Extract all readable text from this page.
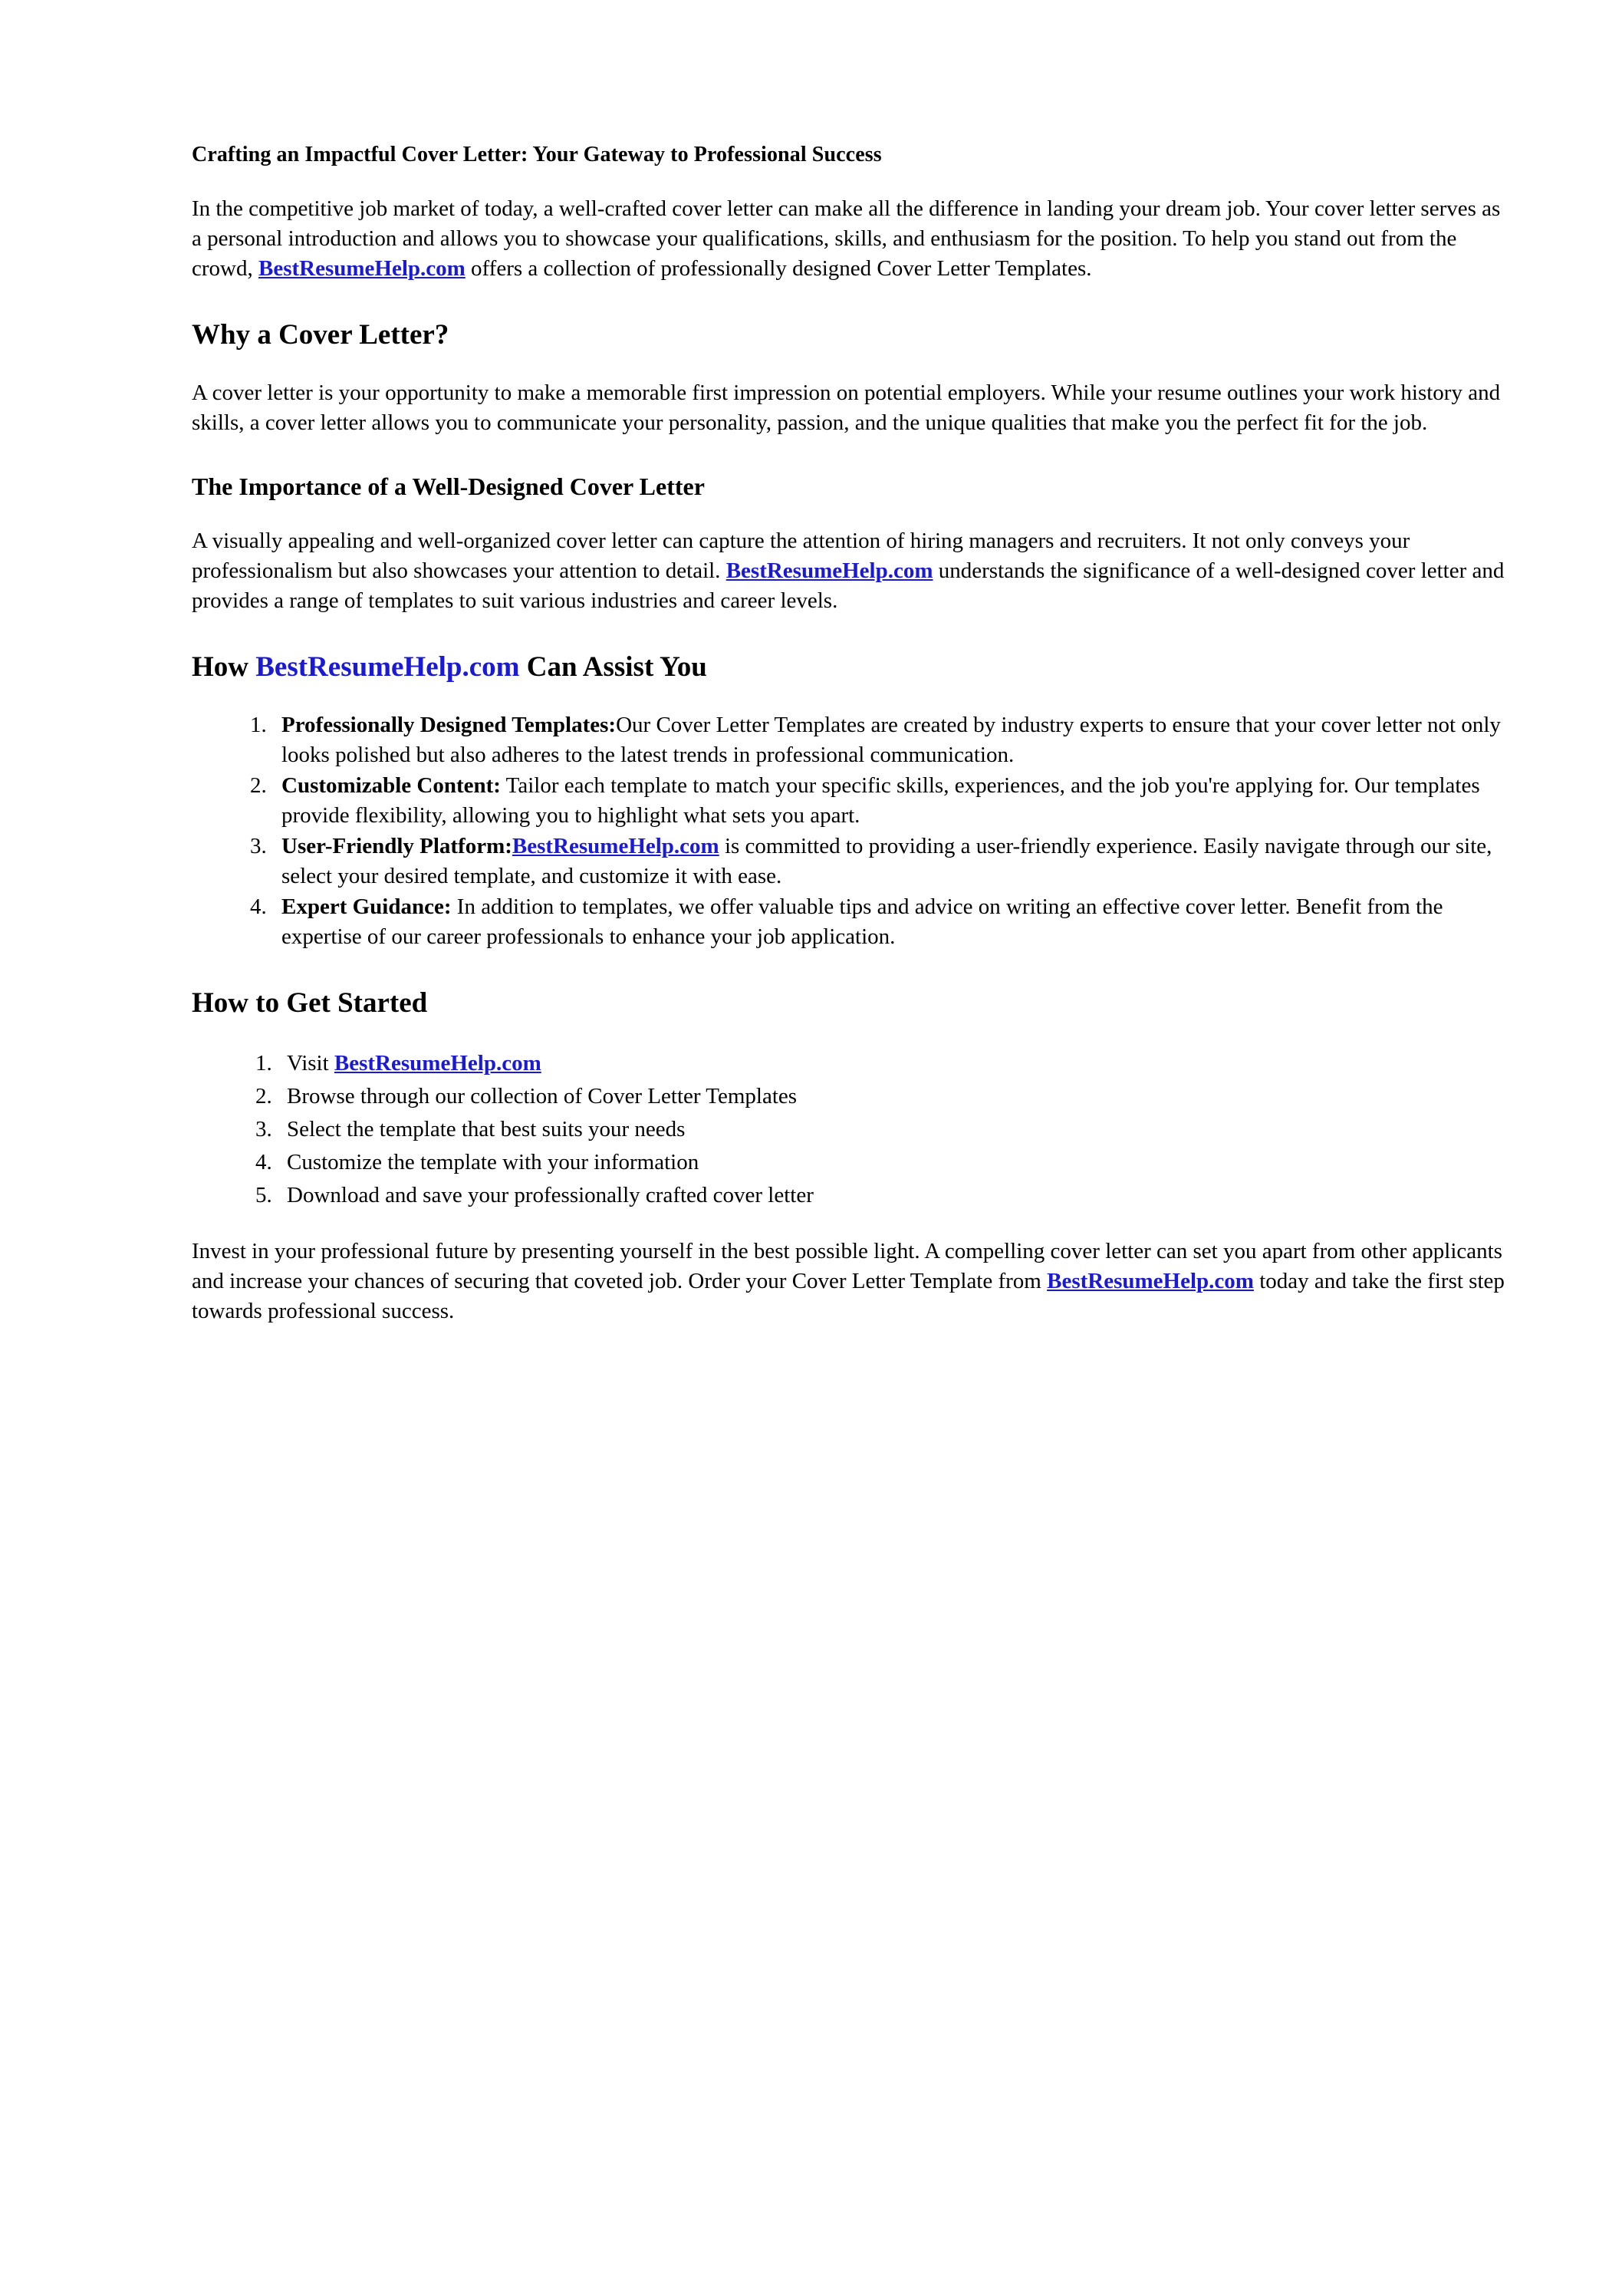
Crafting an Impactful Cover Letter: Your Gateway to Professional Success

In the competitive job market of today, a well-crafted cover letter can make all the difference in landing your dream job. Your cover letter serves as a personal introduction and allows you to showcase your qualifications, skills, and enthusiasm for the position. To help you stand out from the crowd, BestResumeHelp.com offers a collection of professionally designed Cover Letter Templates.

Why a Cover Letter?

A cover letter is your opportunity to make a memorable first impression on potential employers. While your resume outlines your work history and skills, a cover letter allows you to communicate your personality, passion, and the unique qualities that make you the perfect fit for the job.

The Importance of a Well-Designed Cover Letter

A visually appealing and well-organized cover letter can capture the attention of hiring managers and recruiters. It not only conveys your professionalism but also showcases your attention to detail. BestResumeHelp.com understands the significance of a well-designed cover letter and provides a range of templates to suit various industries and career levels.

How BestResumeHelp.com Can Assist You
1. Professionally Designed Templates:Our Cover Letter Templates are created by industry experts to ensure that your cover letter not only looks polished but also adheres to the latest trends in professional communication.
2. Customizable Content: Tailor each template to match your specific skills, experiences, and the job you're applying for. Our templates provide flexibility, allowing you to highlight what sets you apart.
3. User-Friendly Platform:BestResumeHelp.com is committed to providing a user-friendly experience. Easily navigate through our site, select your desired template, and customize it with ease.
4. Expert Guidance: In addition to templates, we offer valuable tips and advice on writing an effective cover letter. Benefit from the expertise of our career professionals to enhance your job application.
How to Get Started
1. Visit BestResumeHelp.com
2. Browse through our collection of Cover Letter Templates
3. Select the template that best suits your needs
4. Customize the template with your information
5. Download and save your professionally crafted cover letter

Invest in your professional future by presenting yourself in the best possible light. A compelling cover letter can set you apart from other applicants and increase your chances of securing that coveted job. Order your Cover Letter Template from BestResumeHelp.com today and take the first step towards professional success.
